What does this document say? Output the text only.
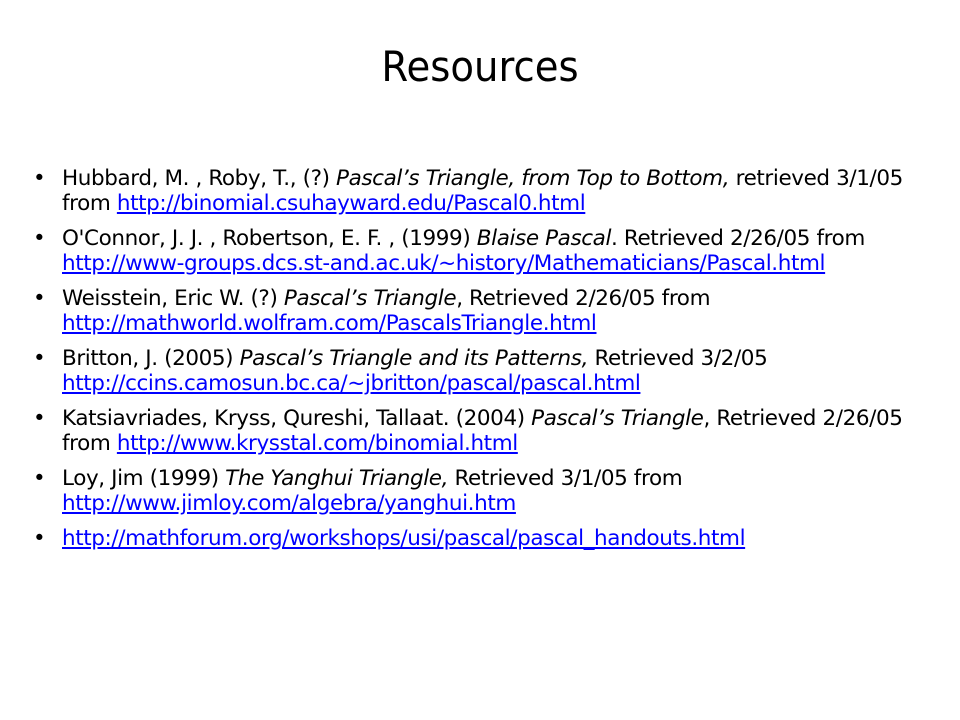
Resources
• Hubbard, M. , Roby, T., (?) Pascal’s Triangle, from Top to Bottom, retrieved 3/1/05 from http://binomial.csuhayward.edu/Pascal0.html
• O'Connor, J. J. , Robertson, E. F. , (1999) Blaise Pascal. Retrieved 2/26/05 from http://www-groups.dcs.st-and.ac.uk/~history/Mathematicians/Pascal.html
• Weisstein, Eric W. (?) Pascal’s Triangle, Retrieved 2/26/05 from http://mathworld.wolfram.com/PascalsTriangle.html
• Britton, J. (2005) Pascal’s Triangle and its Patterns, Retrieved 3/2/05 http://ccins.camosun.bc.ca/~jbritton/pascal/pascal.html
• Katsiavriades, Kryss, Qureshi, Tallaat. (2004) Pascal’s Triangle, Retrieved 2/26/05 from http://www.krysstal.com/binomial.html
• Loy, Jim (1999) The Yanghui Triangle, Retrieved 3/1/05 from http://www.jimloy.com/algebra/yanghui.htm
• http://mathforum.org/workshops/usi/pascal/pascal_handouts.html
